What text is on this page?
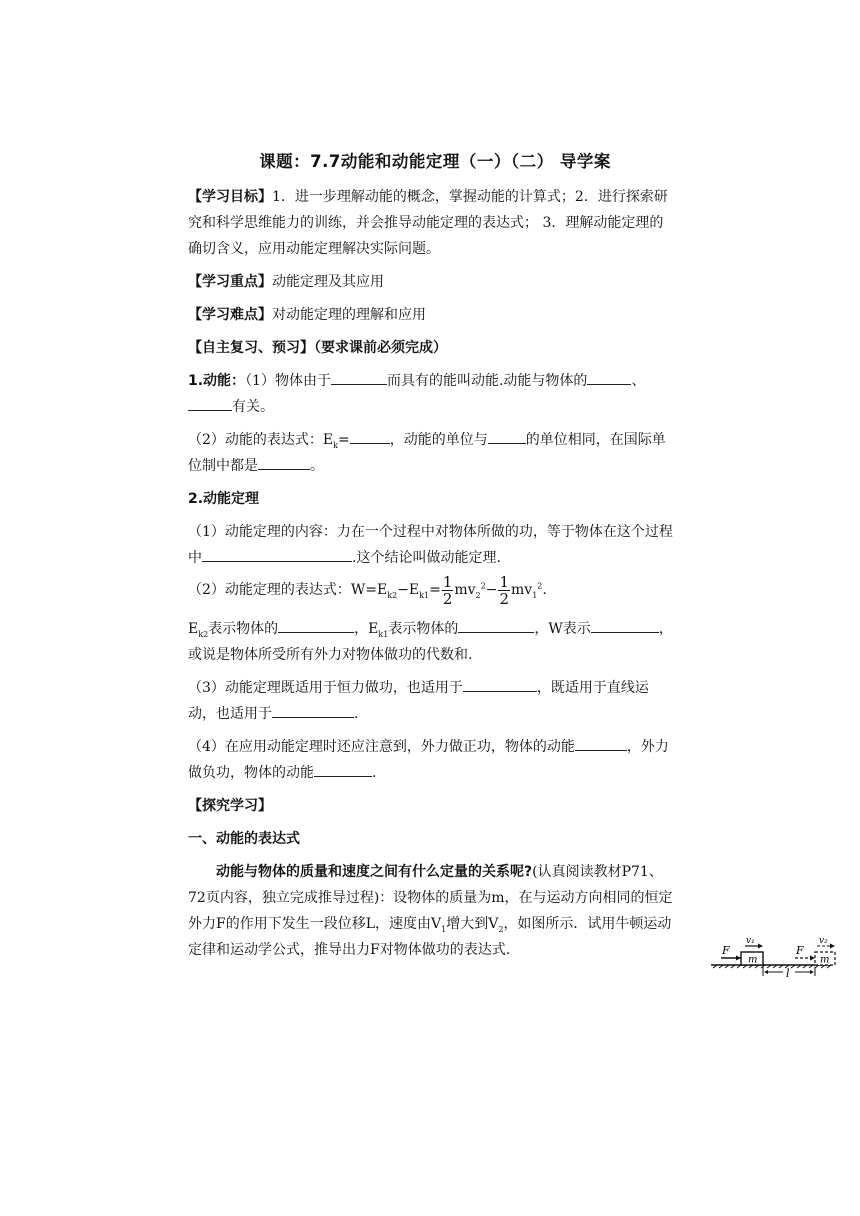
课题：7.7动能和动能定理（一）（二） 导学案

【学习目标】1．进一步理解动能的概念，掌握动能的计算式；2．进行探索研究和科学思维能力的训练，并会推导动能定理的表达式； 3．理解动能定理的确切含义，应用动能定理解决实际问题。

【学习重点】动能定理及其应用

【学习难点】对动能定理的理解和应用

【自主复习、预习】（要求课前必须完成）

1.动能：（1）物体由于	而具有的能叫动能.动能与物体的	、有关。

（2）动能的表达式：$E_k=$	，动能的单位与	的单位相同，在国际单位制中都是	。

2.动能定理

（1）动能定理的内容：力在一个过程中对物体所做的功，等于物体在这个过程中	.这个结论叫做动能定理.

（2）动能定理的表达式：$W=E_{k2}-E_{k1}= \frac{1}{2} mv_2^2- \frac{1}{2} mv_1^2$.

$E_{k2}$表示物体的	，$E_{k1}$表示物体的	，W表示	，或说是物体所受所有外力对物体做功的代数和.

（3）动能定理既适用于恒力做功，也适用于	，既适用于直线运动，也适用于	.

（4）在应用动能定理时还应注意到，外力做正功，物体的动能	，外力做负功，物体的动能	.

【探究学习】

一、动能的表达式

动能与物体的质量和速度之间有什么定量的关系呢?(认真阅读教材P71、72页内容，独立完成推导过程)：设物体的质量为m，在与运动方向相同的恒定外力F的作用下发生一段位移L，速度由$V_1$增大到$V_2$，如图所示．试用牛顿运动定律和运动学公式，推导出力F对物体做功的表达式.

m
F
v₁
m
F
v₂
l
